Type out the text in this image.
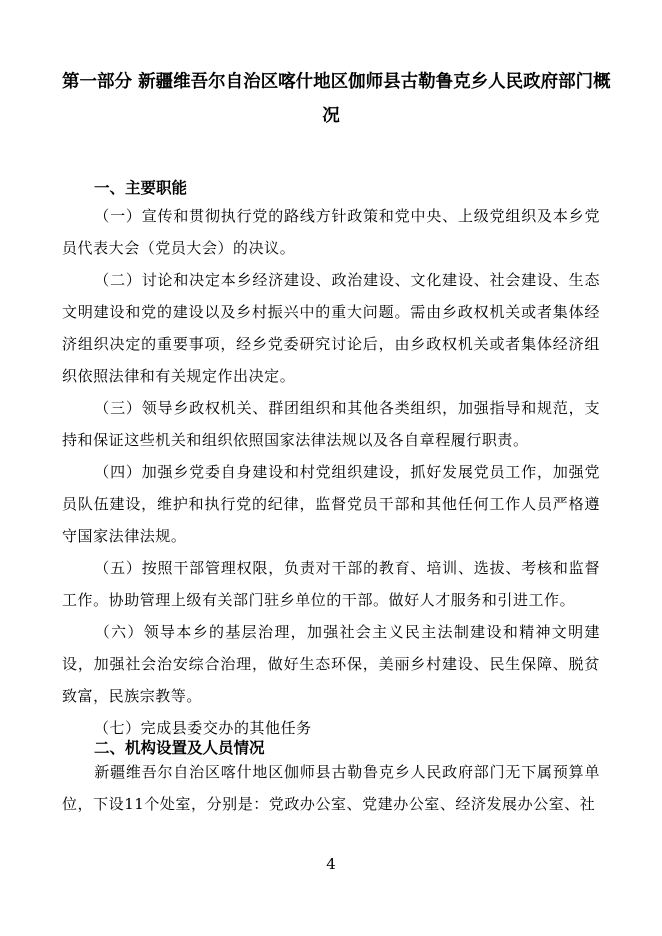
第一部分 新疆维吾尔自治区喀什地区伽师县古勒鲁克乡人民政府部门概
况
一、主要职能

（一）宣传和贯彻执行党的路线方针政策和党中央、上级党组织及本乡党员代表大会（党员大会）的决议。

（二）讨论和决定本乡经济建设、政治建设、文化建设、社会建设、生态文明建设和党的建设以及乡村振兴中的重大问题。需由乡政权机关或者集体经济组织决定的重要事项，经乡党委研究讨论后，由乡政权机关或者集体经济组织依照法律和有关规定作出决定。

（三）领导乡政权机关、群团组织和其他各类组织，加强指导和规范，支持和保证这些机关和组织依照国家法律法规以及各自章程履行职责。

（四）加强乡党委自身建设和村党组织建设，抓好发展党员工作，加强党员队伍建设，维护和执行党的纪律，监督党员干部和其他任何工作人员严格遵守国家法律法规。

（五）按照干部管理权限，负责对干部的教育、培训、选拔、考核和监督工作。协助管理上级有关部门驻乡单位的干部。做好人才服务和引进工作。

（六）领导本乡的基层治理，加强社会主义民主法制建设和精神文明建设，加强社会治安综合治理，做好生态环保，美丽乡村建设、民生保障、脱贫致富，民族宗教等。

（七）完成县委交办的其他任务

二、机构设置及人员情况

新疆维吾尔自治区喀什地区伽师县古勒鲁克乡人民政府部门无下属预算单位，下设11个处室，分别是：党政办公室、党建办公室、经济发展办公室、社

4
